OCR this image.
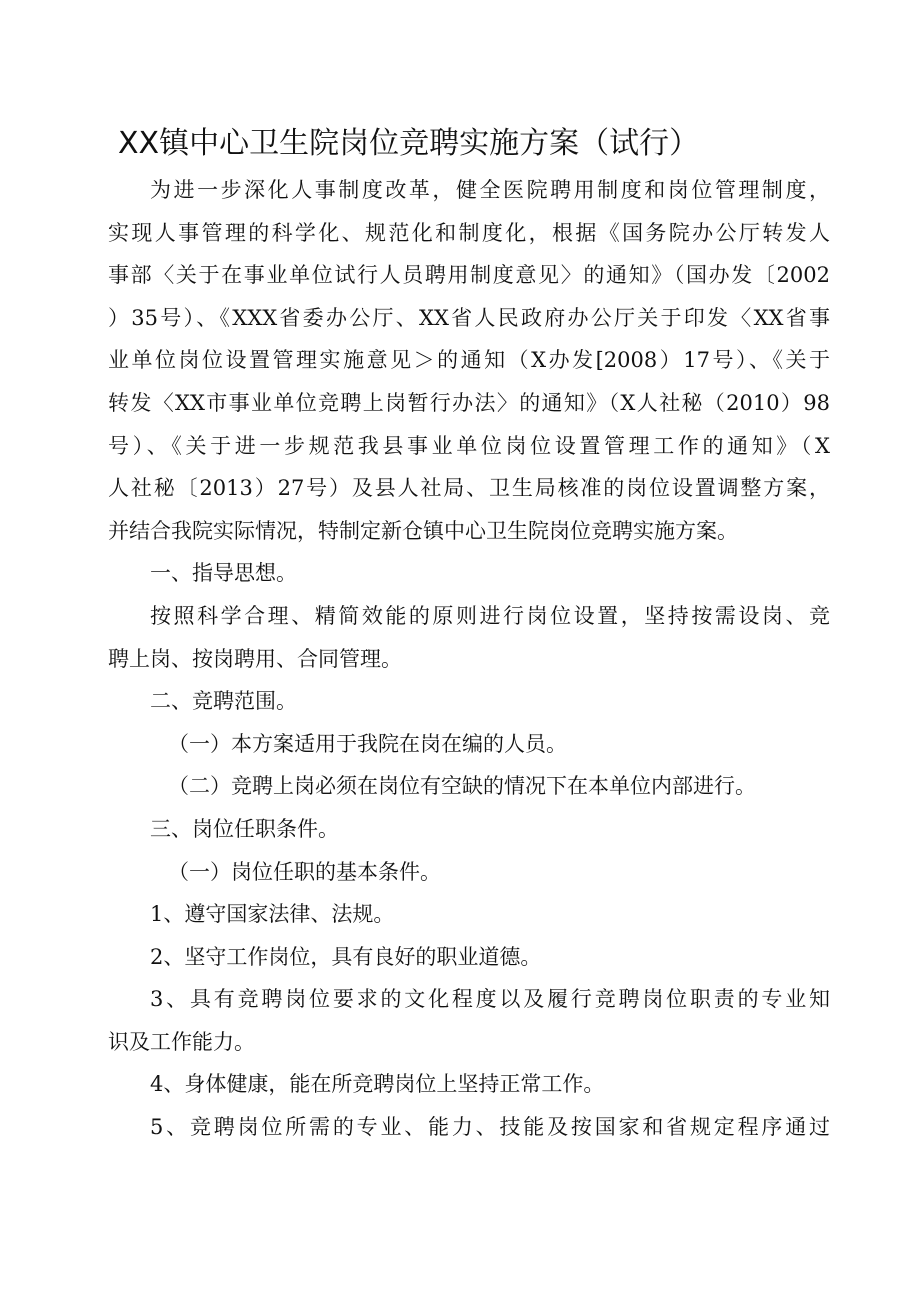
XX镇中心卫生院岗位竞聘实施方案（试行）
为进一步深化人事制度改革，健全医院聘用制度和岗位管理制度，
实现人事管理的科学化、规范化和制度化，根据《国务院办公厅转发人
事部〈关于在事业单位试行人员聘用制度意见〉的通知》（国办发〔2002
）35号）、《XXX省委办公厅、XX省人民政府办公厅关于印发〈XX省事
业单位岗位设置管理实施意见＞的通知（X办发[2008）17号）、《关于
转发〈XX市事业单位竞聘上岗暂行办法〉的通知》（X人社秘（2010）98
号）、《关于进一步规范我县事业单位岗位设置管理工作的通知》（X
人社秘〔2013）27号）及县人社局、卫生局核准的岗位设置调整方案，
并结合我院实际情况，特制定新仓镇中心卫生院岗位竞聘实施方案。
一、指导思想。
按照科学合理、精简效能的原则进行岗位设置，坚持按需设岗、竞
聘上岗、按岗聘用、合同管理。
二、竞聘范围。
（一）本方案适用于我院在岗在编的人员。
（二）竞聘上岗必须在岗位有空缺的情况下在本单位内部进行。
三、岗位任职条件。
（一）岗位任职的基本条件。
1、遵守国家法律、法规。
2、坚守工作岗位，具有良好的职业道德。
3、具有竞聘岗位要求的文化程度以及履行竞聘岗位职责的专业知
识及工作能力。
4、身体健康，能在所竞聘岗位上坚持正常工作。
5、竞聘岗位所需的专业、能力、技能及按国家和省规定程序通过
